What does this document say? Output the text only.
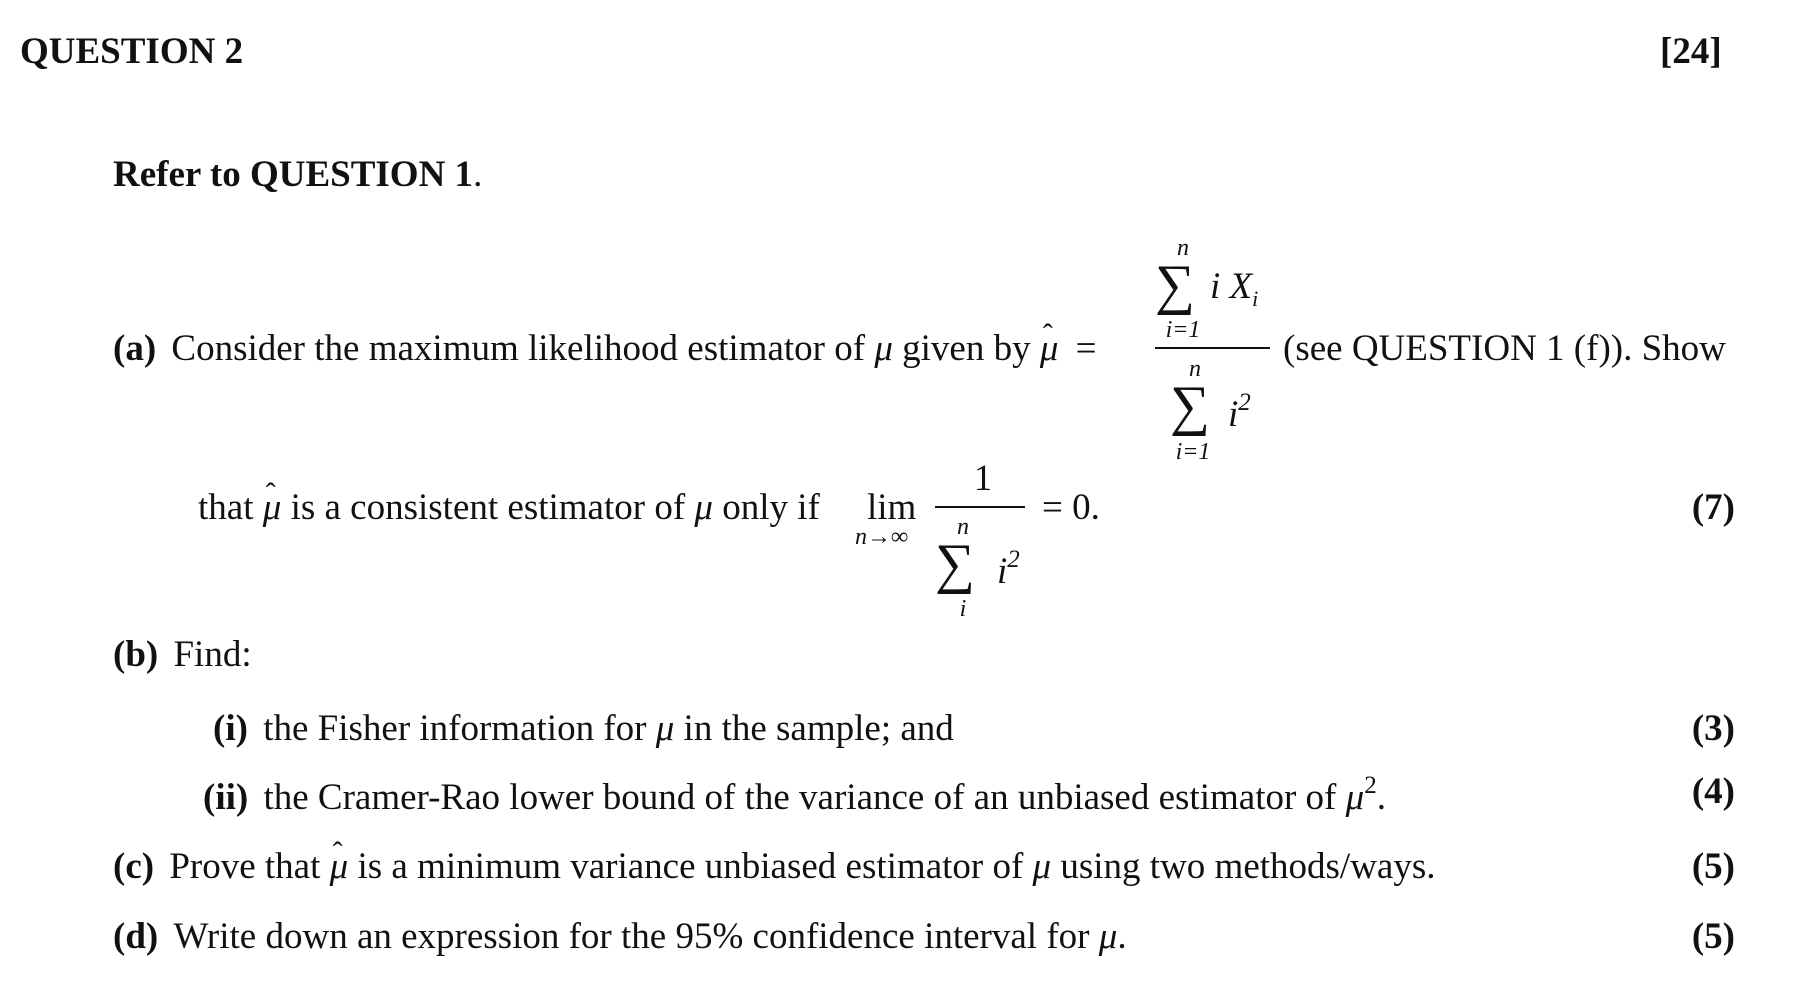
QUESTION 2	[24]
Refer to QUESTION 1.
(a) Consider the maximum likelihood estimator of μ given by ˆ μ =
n
∑ i $X_i$
i=1
n
∑ $i^2$
i=1
(see QUESTION 1 (f)). Show
that ˆ μ is a consistent estimator of μ only if lim
n→∞
1
n
∑ $i^2$
i
= 0.	(7)
(b) Find:
(i) the Fisher information for μ in the sample; and	(3)
(ii) the Cramer-Rao lower bound of the variance of an unbiased estimator of $\mu^2$.	(4)
(c) Prove that ˆ μ is a minimum variance unbiased estimator of μ using two methods/ways.	(5)
(d) Write down an expression for the 95% confidence interval for μ.	(5)
